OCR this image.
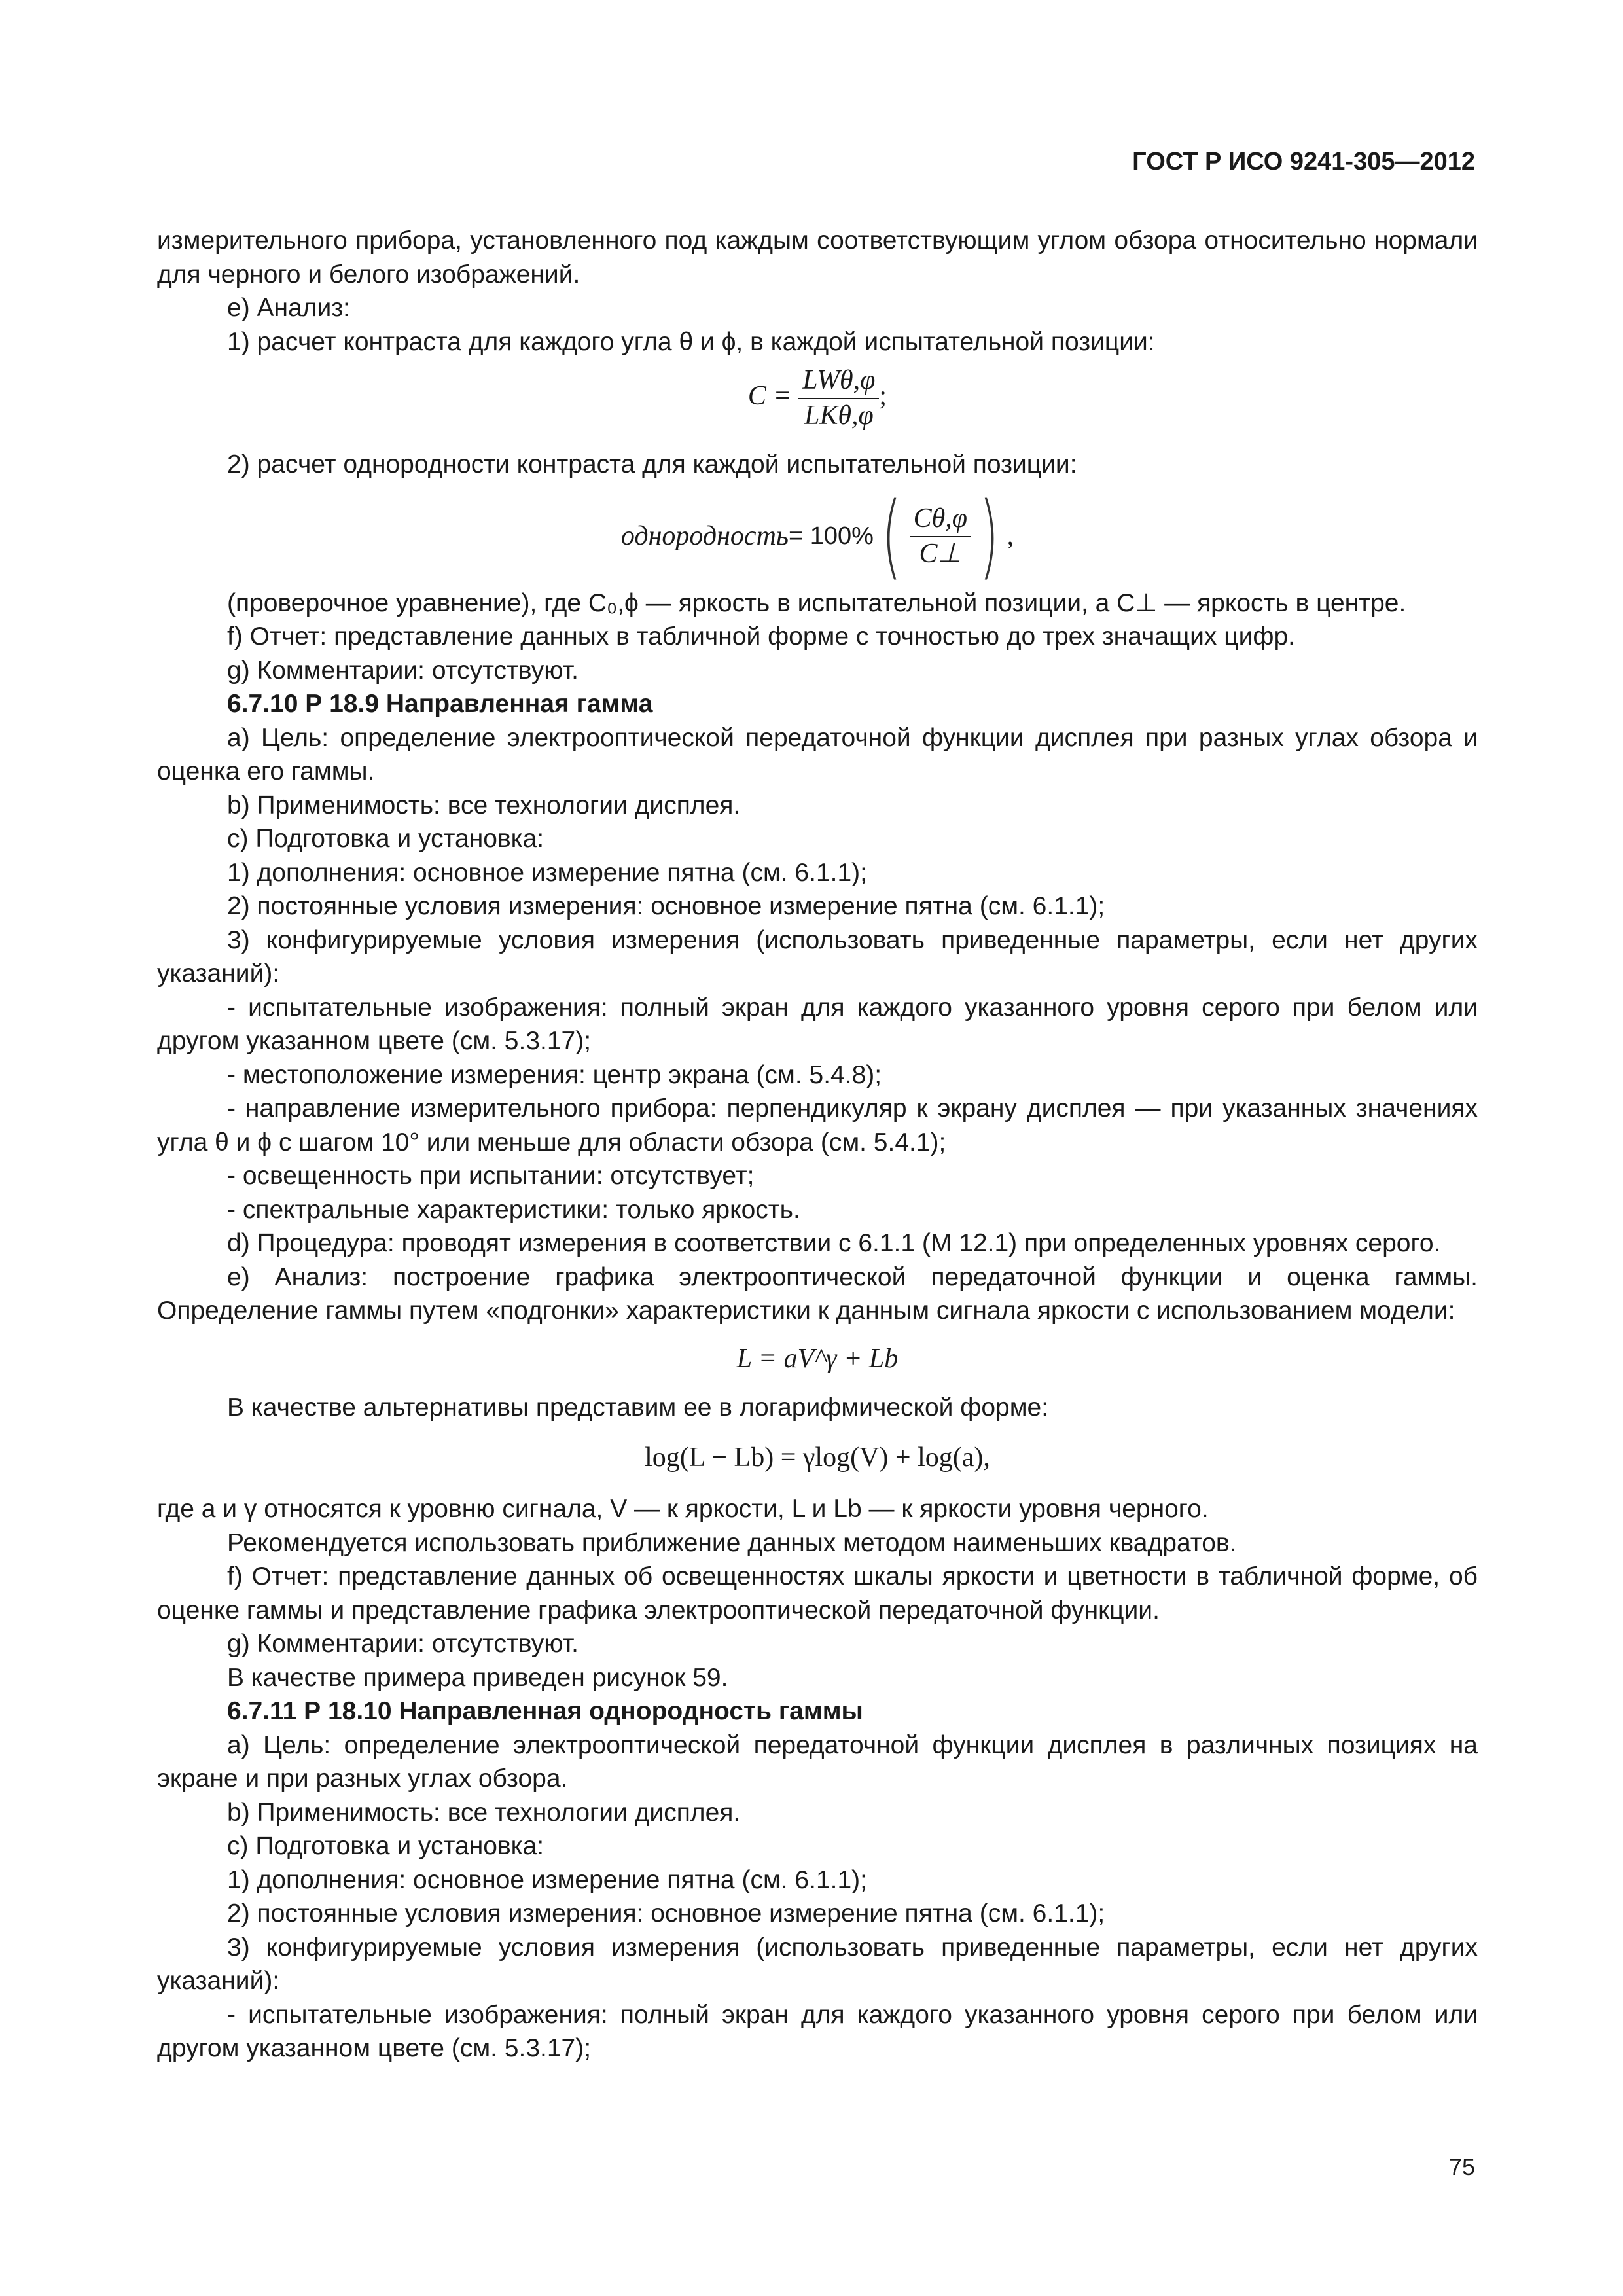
ГОСТ Р ИСО 9241-305—2012

измерительного прибора, установленного под каждым соответствующим углом обзора относительно нормали для черного и белого изображений.

е) Анализ:

1) расчет контраста для каждого угла θ и ϕ, в каждой испытательной позиции:

$C = \frac{\text{LWθ,φ}}{\text{LKθ,φ}}$ ;

2) расчет однородности контраста для каждой испытательной позиции:

однородность = 100% ( $\frac{C\theta,\varphi}{C\perp}$ ) ,

(проверочное уравнение), где C₀,ϕ — яркость в испытательной позиции, а C⊥ — яркость в центре.

f) Отчет: представление данных в табличной форме с точностью до трех значащих цифр.

g) Комментарии: отсутствуют.

6.7.10 Р 18.9 Направленная гамма

а) Цель: определение электрооптической передаточной функции дисплея при разных углах обзора и оценка его гаммы.

b) Применимость: все технологии дисплея.

с) Подготовка и установка:

1) дополнения: основное измерение пятна (см. 6.1.1);

2) постоянные условия измерения: основное измерение пятна (см. 6.1.1);

3) конфигурируемые условия измерения (использовать приведенные параметры, если нет других указаний):

- испытательные изображения: полный экран для каждого указанного уровня серого при белом или другом указанном цвете (см. 5.3.17);

- местоположение измерения: центр экрана (см. 5.4.8);

- направление измерительного прибора: перпендикуляр к экрану дисплея — при указанных значениях угла θ и ϕ с шагом 10° или меньше для области обзора (см. 5.4.1);

- освещенность при испытании: отсутствует;

- спектральные характеристики: только яркость.

d) Процедура: проводят измерения в соответствии с 6.1.1 (М 12.1) при определенных уровнях серого.

е) Анализ: построение графика электрооптической передаточной функции и оценка гаммы. Определение гаммы путем «подгонки» характеристики к данным сигнала яркости с использованием модели:

L = aV^γ + Lb

В качестве альтернативы представим ее в логарифмической форме:

log(L − Lb) = γlog(V) + log(a),

где a и γ относятся к уровню сигнала, V — к яркости, L и Lb — к яркости уровня черного.

Рекомендуется использовать приближение данных методом наименьших квадратов.

f) Отчет: представление данных об освещенностях шкалы яркости и цветности в табличной форме, об оценке гаммы и представление графика электрооптической передаточной функции.

g) Комментарии: отсутствуют.

В качестве примера приведен рисунок 59.

6.7.11 Р 18.10 Направленная однородность гаммы

а) Цель: определение электрооптической передаточной функции дисплея в различных позициях на экране и при разных углах обзора.

b) Применимость: все технологии дисплея.

с) Подготовка и установка:

1) дополнения: основное измерение пятна (см. 6.1.1);

2) постоянные условия измерения: основное измерение пятна (см. 6.1.1);

3) конфигурируемые условия измерения (использовать приведенные параметры, если нет других указаний):

- испытательные изображения: полный экран для каждого указанного уровня серого при белом или другом указанном цвете (см. 5.3.17);

75
